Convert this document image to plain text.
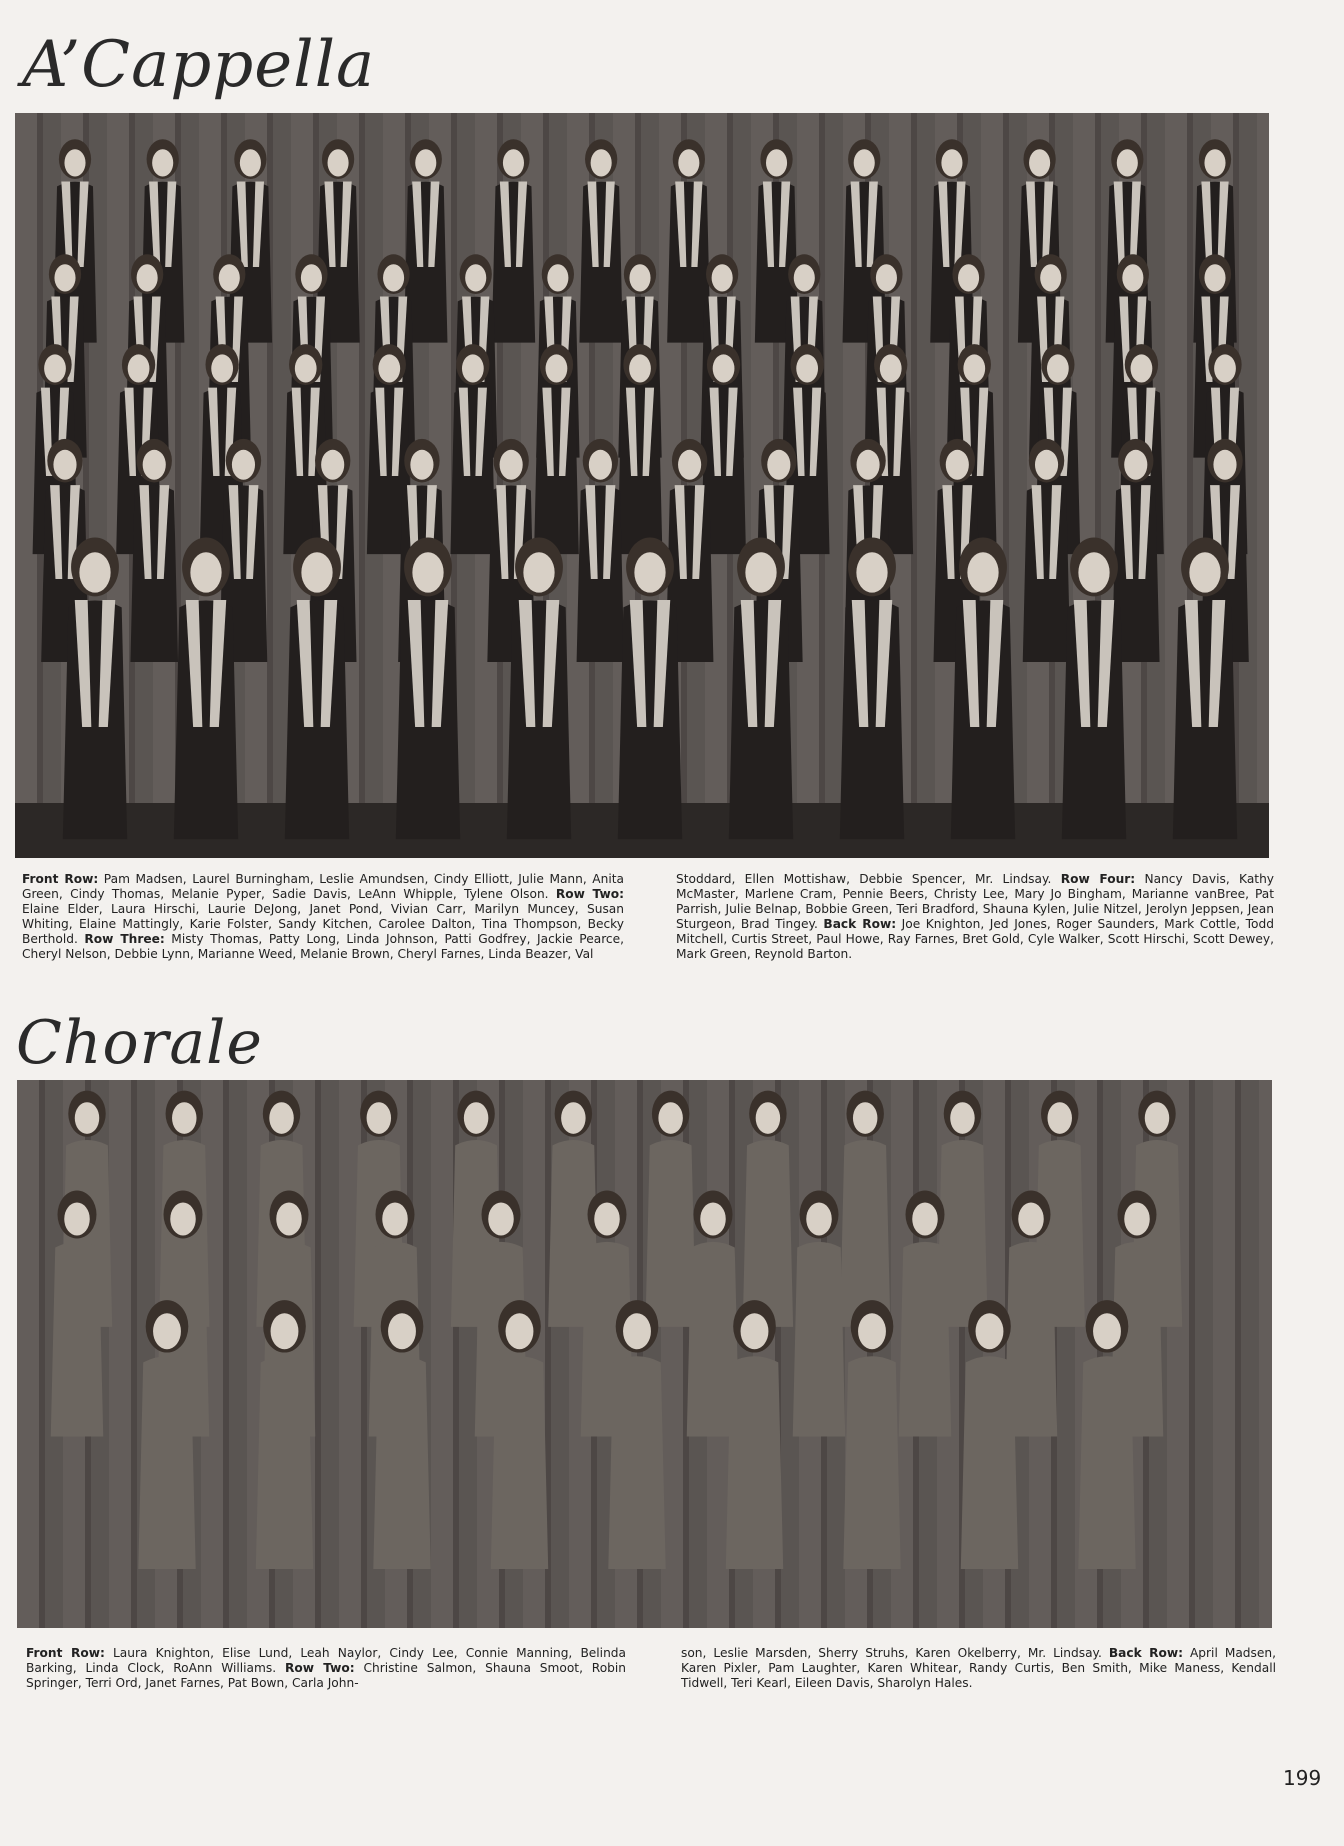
A’Cappella

Front Row: Pam Madsen, Laurel Burningham, Leslie Amundsen, Cindy Elliott, Julie Mann, Anita Green, Cindy Thomas, Melanie Pyper, Sadie Davis, LeAnn Whipple, Tylene Olson. Row Two: Elaine Elder, Laura Hirschi, Laurie DeJong, Janet Pond, Vivian Carr, Marilyn Muncey, Susan Whiting, Elaine Mattingly, Karie Folster, Sandy Kitchen, Carolee Dalton, Tina Thompson, Becky Berthold. Row Three: Misty Thomas, Patty Long, Linda Johnson, Patti Godfrey, Jackie Pearce, Cheryl Nelson, Debbie Lynn, Marianne Weed, Melanie Brown, Cheryl Farnes, Linda Beazer, Val

Stoddard, Ellen Mottishaw, Debbie Spencer, Mr. Lindsay. Row Four: Nancy Davis, Kathy McMaster, Marlene Cram, Pennie Beers, Christy Lee, Mary Jo Bingham, Marianne vanBree, Pat Parrish, Julie Belnap, Bobbie Green, Teri Bradford, Shauna Kylen, Julie Nitzel, Jerolyn Jeppsen, Jean Sturgeon, Brad Tingey. Back Row: Joe Knighton, Jed Jones, Roger Saunders, Mark Cottle, Todd Mitchell, Curtis Street, Paul Howe, Ray Farnes, Bret Gold, Cyle Walker, Scott Hirschi, Scott Dewey, Mark Green, Reynold Barton.

Chorale

Front Row: Laura Knighton, Elise Lund, Leah Naylor, Cindy Lee, Connie Manning, Belinda Barking, Linda Clock, RoAnn Williams. Row Two: Christine Salmon, Shauna Smoot, Robin Springer, Terri Ord, Janet Farnes, Pat Bown, Carla John-

son, Leslie Marsden, Sherry Struhs, Karen Okelberry, Mr. Lindsay. Back Row: April Madsen, Karen Pixler, Pam Laughter, Karen Whitear, Randy Curtis, Ben Smith, Mike Maness, Kendall Tidwell, Teri Kearl, Eileen Davis, Sharolyn Hales.

199
